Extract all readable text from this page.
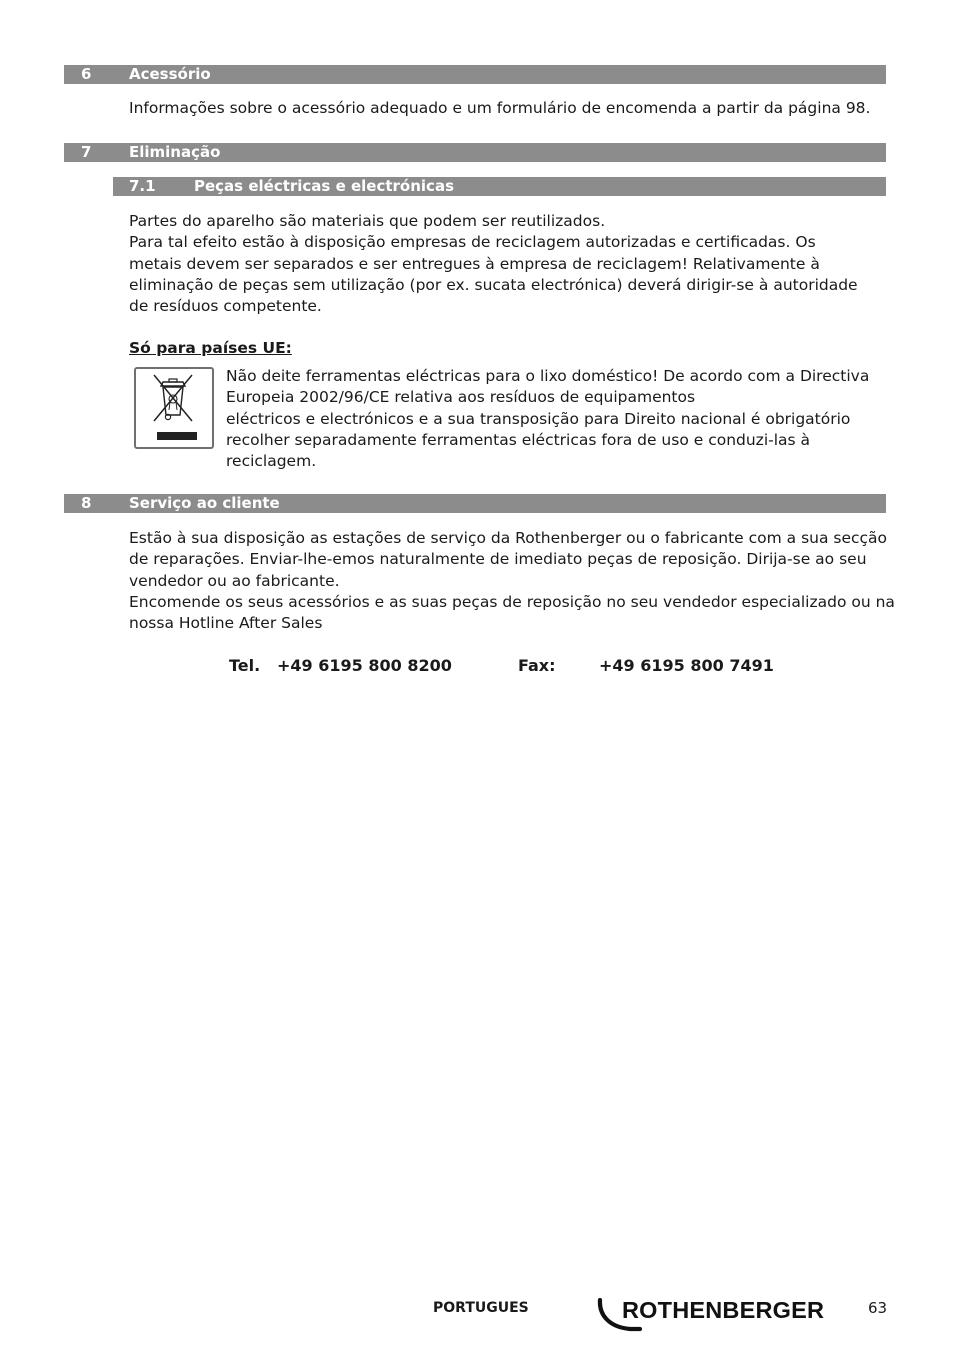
6	Acessório

Informações sobre o acessório adequado e um formulário de encomenda a partir da página 98.

7	Eliminação
7.1	Peças eléctricas e electrónicas
Partes do aparelho são materiais que podem ser reutilizados.
Para tal efeito estão à disposição empresas de reciclagem autorizadas e certificadas. Os
metais devem ser separados e ser entregues à empresa de reciclagem! Relativamente à
eliminação de peças sem utilização (por ex. sucata electrónica) deverá dirigir-se à autoridade
de resíduos competente.

Só para países UE:

Não deite ferramentas eléctricas para o lixo doméstico! De acordo com a Directiva
Europeia 2002/96/CE relativa aos resíduos de equipamentos
eléctricos e electrónicos e a sua transposição para Direito nacional é obrigatório
recolher separadamente ferramentas eléctricas fora de uso e conduzi-las à
reciclagem.
8	Serviço ao cliente
Estão à sua disposição as estações de serviço da Rothenberger ou o fabricante com a sua secção
de reparações. Enviar-lhe-emos naturalmente de imediato peças de reposição. Dirija-se ao seu
vendedor ou ao fabricante.
Encomende os seus acessórios e as suas peças de reposição no seu vendedor especializado ou na
nossa Hotline After Sales
Tel. +49 6195 800 8200	Fax:	+49 6195 800 7491
PORTUGUES	ROTHENBERGER	63
